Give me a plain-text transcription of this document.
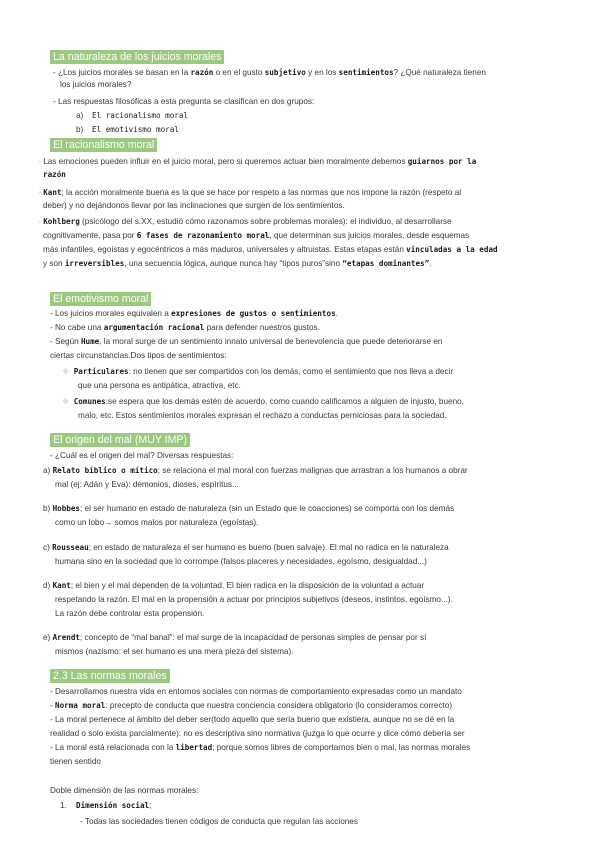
La naturaleza de los juicios morales
- ¿Los juicios morales se basan en la razón o en el gusto subjetivo y en los sentimientos? ¿Qué naturaleza tienen
los juicios morales?
- Las respuestas filosóficas a esta pregunta se clasifican en dos grupos:
a) El racionalismo moral
b) El emotivismo moral
El racionalismo moral
◦ Las emociones pueden influir en el juicio moral, pero si queremos actuar bien moralmente debemos guiarnos por la
razón
◦ Kant; la acción moralmente buena es la que se hace por respeto a las normas que nos impone la razón (respeto al
deber) y no dejándonos llevar por las inclinaciones que surgen de los sentimientos.
◦ Kohlberg (psicólogo del s.XX, estudió cómo razonamos sobre problemas morales): el individuo, al desarrollarse
cognitivamente, pasa por 6 fases de razonamiento moral, que determinan sus juicios morales, desde esquemas
más infantiles, egoístas y egocéntricos a más maduros, universales y altruistas. Estas etapas están vinculadas a la edad
y son irreversibles, una secuencia lógica, aunque nunca hay “tipos puros”sino “etapas dominantes”.
El emotivismo moral
- Los juicios morales equivalen a expresiones de gustos o sentimientos.
- No cabe una argumentación racional para defender nuestros gustos.
- Según Hume, la moral surge de un sentimiento innato universal de benevolencia que puede deteriorarse en
ciertas circunstancias.Dos tipos de sentimientos:
❖ Particulares: no tienen que ser compartidos con los demás, como el sentimiento que nos lleva a decir
que una persona es antipática, atractiva, etc.
❖ Comunes:se espera que los demás estén de acuerdo, como cuando calificamos a alguien de injusto, bueno,
malo, etc. Estos sentimientos morales expresan el rechazo a conductas perniciosas para la sociedad.
El origen del mal (MUY IMP)
- ¿Cuál es el origen del mal? Diversas respuestas:
a) Relato bíblico o mítico; se relaciona el mal moral con fuerzas malignas que arrastran a los humanos a obrar
mal (ej: Adán y Eva): demonios, dioses, espíritus...
b) Hobbes; el ser humano en estado de naturaleza (sin un Estado que le coacciones) se comporta con los demás
como un lobo→ somos malos por naturaleza (egoístas).
c) Rousseau; en estado de naturaleza el ser humano es bueno (buen salvaje). El mal no radica en la naturaleza
humana sino en la sociedad que lo corrompe (falsos placeres y necesidades, egoísmo, desigualdad...)
d) Kant; el bien y el mal dependen de la voluntad. El bien radica en la disposición de la voluntad a actuar
respetando la razón. El mal en la propensión a actuar por principios subjetivos (deseos, instintos, egoísmo...).
La razón debe controlar esta propensión.
e) Arendt; concepto de “mal banal”: el mal surge de la incapacidad de personas simples de pensar por sí
mismos (nazismo: el ser humano es una mera pieza del sistema).
2.3 Las normas morales
- Desarrollamos nuestra vida en entornos sociales con normas de comportamiento expresadas como un mandato
- Norma moral: precepto de conducta que nuestra conciencia considera obligatorio (lo consideramos correcto)
- La moral pertenece al ámbito del deber ser(todo aquello que sería bueno que existiera, aunque no se dé en la
realidad o solo exista parcialmente): no es descriptiva sino normativa (juzga lo que ocurre y dice cómo debería ser
- La moral está relacionada con la libertad; porque somos libres de comportarnos bien o mal, las normas morales
tienen sentido
Doble dimensión de las normas morales:
1. Dimensión social;
- Todas las sociedades tienen códigos de conducta que regulan las acciones
